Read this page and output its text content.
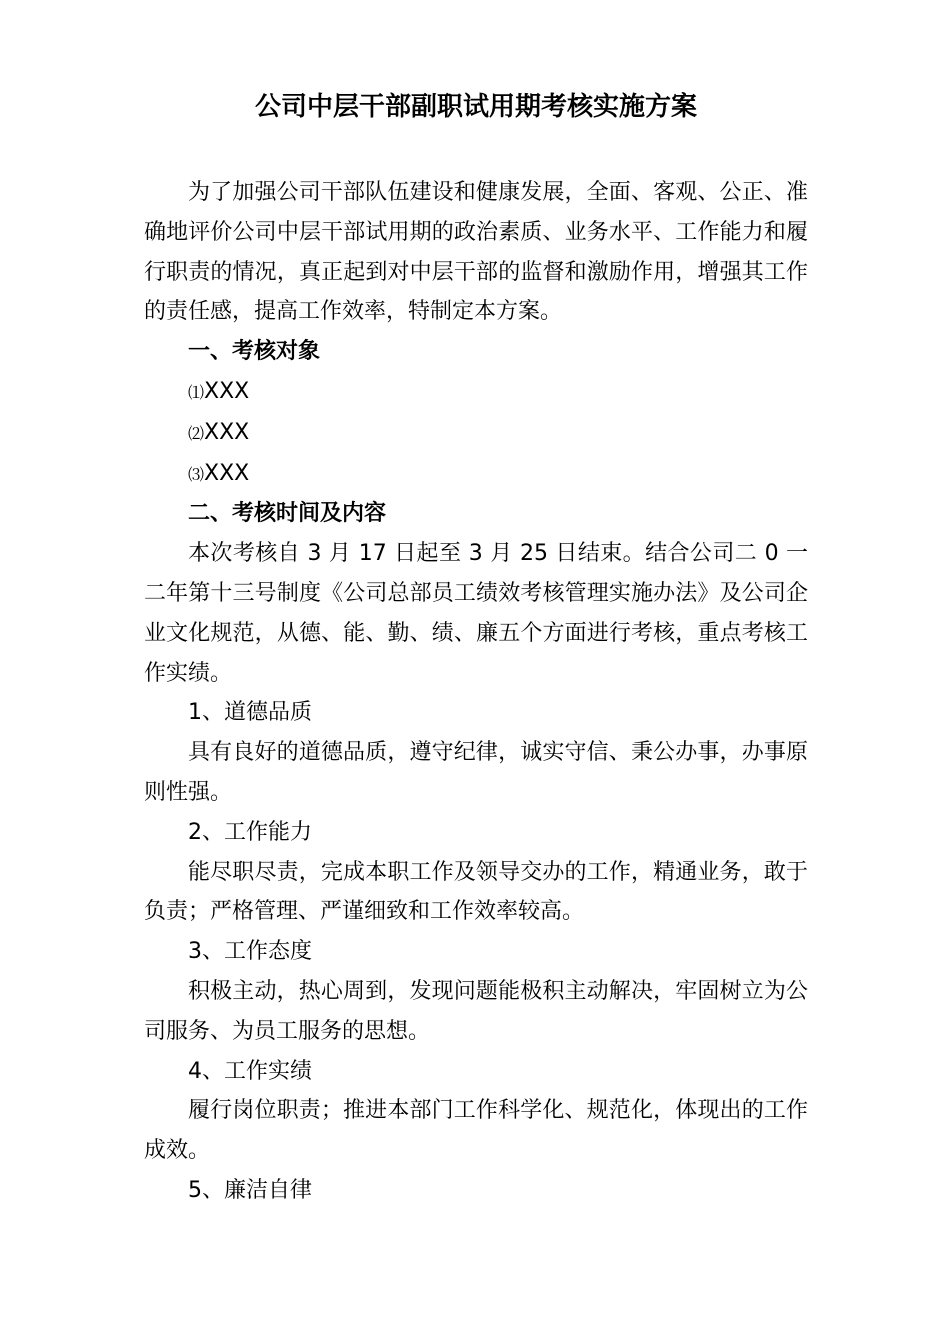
公司中层干部副职试用期考核实施方案

为了加强公司干部队伍建设和健康发展，全面、客观、公正、准确地评价公司中层干部试用期的政治素质、业务水平、工作能力和履行职责的情况，真正起到对中层干部的监督和激励作用，增强其工作的责任感，提高工作效率，特制定本方案。

一、考核对象

⑴XXX

⑵XXX

⑶XXX

二、考核时间及内容

本次考核自 3 月 17 日起至 3 月 25 日结束。结合公司二 0 一二年第十三号制度《公司总部员工绩效考核管理实施办法》及公司企业文化规范，从德、能、勤、绩、廉五个方面进行考核，重点考核工作实绩。

1、道德品质

具有良好的道德品质，遵守纪律，诚实守信、秉公办事，办事原则性强。

2、工作能力

能尽职尽责，完成本职工作及领导交办的工作，精通业务，敢于负责；严格管理、严谨细致和工作效率较高。

3、工作态度

积极主动，热心周到，发现问题能极积主动解决，牢固树立为公司服务、为员工服务的思想。

4、工作实绩

履行岗位职责；推进本部门工作科学化、规范化，体现出的工作成效。

5、廉洁自律
